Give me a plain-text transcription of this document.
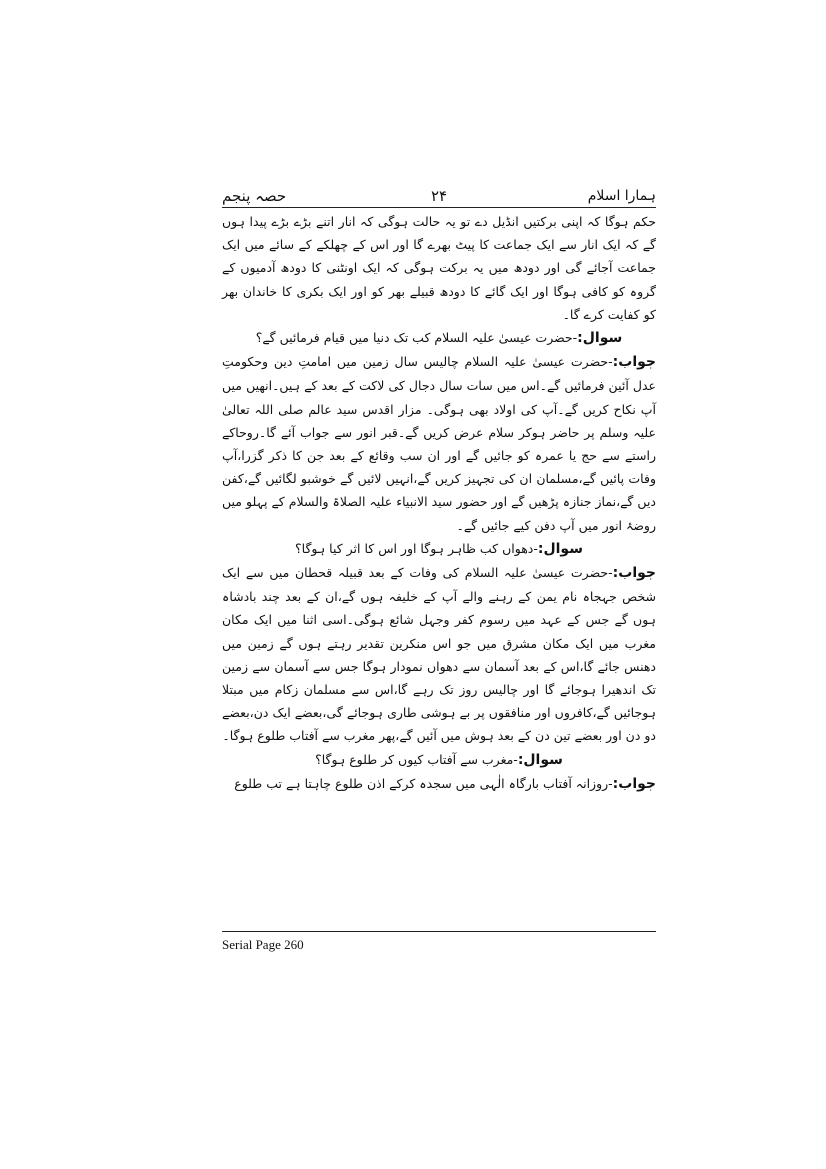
ہمارا اسلام
۲۴
حصہ پنجم

حکم ہوگا کہ اپنی برکتیں انڈیل دے تو یہ حالت ہوگی کہ انار اتنے بڑے بڑے پیدا ہوں گے کہ ایک انار سے ایک جماعت کا پیٹ بھرے گا اور اس کے چھلکے کے سائے میں ایک جماعت آجائے گی اور دودھ میں یہ برکت ہوگی کہ ایک اونٹنی کا دودھ آدمیوں کے گروہ کو کافی ہوگا اور ایک گائے کا دودھ قبیلے بھر کو اور ایک بکری کا خاندان بھر کو کفایت کرے گا۔

سوال:-حضرت عیسیٰ علیہ السلام کب تک دنیا میں قیام فرمائیں گے؟

جواب:-حضرت عیسیٰ علیہ السلام چالیس سال زمین میں امامتِ دین وحکومتِ عدل آئین فرمائیں گے۔اس میں سات سال دجال کی لاکت کے بعد کے ہیں۔انھیں میں آپ نکاح کریں گے۔آپ کی اولاد بھی ہوگی۔ مزار اقدس سید عالم صلی اللہ تعالیٰ علیہ وسلم پر حاضر ہوکر سلام عرض کریں گے۔قبر انور سے جواب آئے گا۔روحاکے راستے سے حج یا عمرہ کو جائیں گے اور ان سب وقائع کے بعد جن کا ذکر گزرا،آپ وفات پائیں گے،مسلمان ان کی تجہیز کریں گے،انہیں لائیں گے خوشبو لگائیں گے،کفن دیں گے،نماز جنازہ پڑھیں گے اور حضور سید الانبیاء علیہ الصلاۃ والسلام کے پہلو میں روضۂ انور میں آپ دفن کیے جائیں گے۔

سوال:-دھواں کب ظاہر ہوگا اور اس کا اثر کیا ہوگا؟

جواب:-حضرت عیسیٰ علیہ السلام کی وفات کے بعد قبیلہ قحطان میں سے ایک شخص جہجاہ نام یمن کے رہنے والے آپ کے خلیفہ ہوں گے،ان کے بعد چند بادشاہ ہوں گے جس کے عہد میں رسوم کفر وجہل شائع ہوگی۔اسی اثنا میں ایک مکان مغرب میں ایک مکان مشرق میں جو اس منکرین تقدیر رہتے ہوں گے زمین میں دھنس جائے گا،اس کے بعد آسمان سے دھواں نمودار ہوگا جس سے آسمان سے زمین تک اندھیرا ہوجائے گا اور چالیس روز تک رہے گا،اس سے مسلمان زکام میں مبتلا ہوجائیں گے،کافروں اور منافقوں پر بے ہوشی طاری ہوجائے گی،بعضے ایک دن،بعضے دو دن اور بعضے تین دن کے بعد ہوش میں آئیں گے،پھر مغرب سے آفتاب طلوع ہوگا۔

سوال:-مغرب سے آفتاب کیوں کر طلوع ہوگا؟

جواب:-روزانہ آفتاب بارگاہ الٰہی میں سجدہ کرکے اذن طلوع چاہتا ہے تب طلوع

Serial Page 260
